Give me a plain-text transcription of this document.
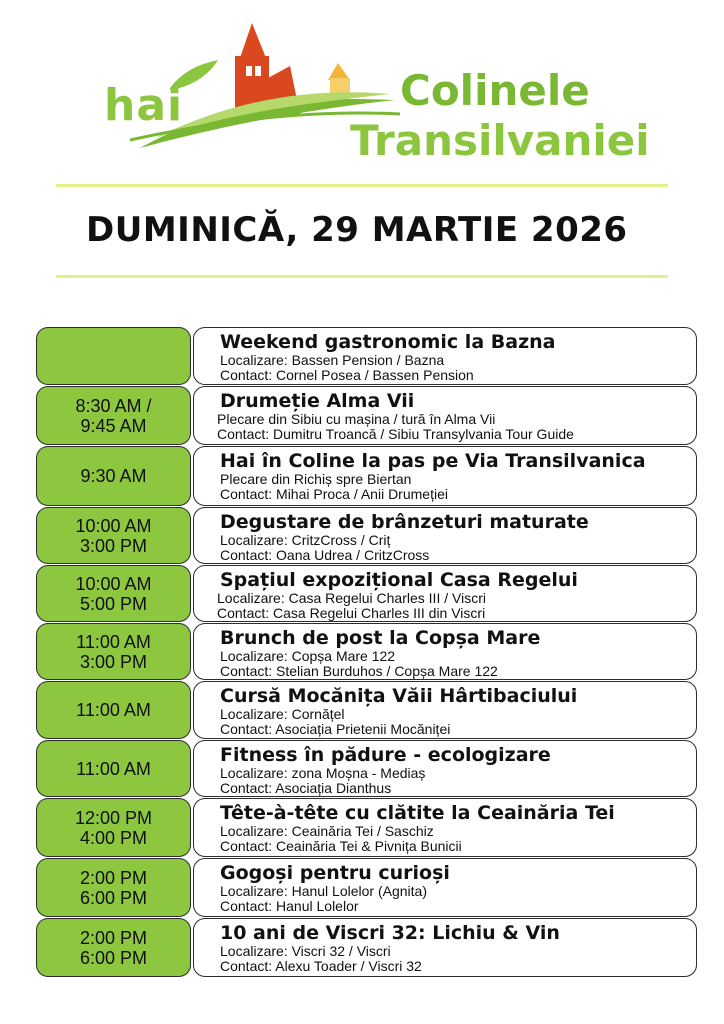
hai	Colinele
Transilvaniei
DUMINICĂ, 29 MARTIE 2026
Weekend gastronomic la Bazna
Localizare: Bassen Pension / Bazna
Contact: Cornel Posea / Bassen Pension
8:30 AM /
9:45 AM
Drumeție Alma Vii
Plecare din Sibiu cu mașina / tură în Alma Vii
Contact: Dumitru Troancă / Sibiu Transylvania Tour Guide
9:30 AM
Hai în Coline la pas pe Via Transilvanica
Plecare din Richiș spre Biertan
Contact: Mihai Proca / Anii Drumeției
10:00 AM
3:00 PM
Degustare de brânzeturi maturate
Localizare: CritzCross / Criț
Contact: Oana Udrea / CritzCross
10:00 AM
5:00 PM
Spațiul expozițional Casa Regelui
Localizare: Casa Regelui Charles III / Viscri
Contact: Casa Regelui Charles III din Viscri
11:00 AM
3:00 PM
Brunch de post la Copșa Mare
Localizare: Copșa Mare 122
Contact: Stelian Burduhos / Copșa Mare 122
11:00 AM
Cursă Mocănița Văii Hârtibaciului
Localizare: Cornățel
Contact: Asociația Prietenii Mocăniței
11:00 AM
Fitness în pădure - ecologizare
Localizare: zona Moșna - Mediaș
Contact: Asociația Dianthus
12:00 PM
4:00 PM
Tête-à-tête cu clătite la Ceainăria Tei
Localizare: Ceainăria Tei / Saschiz
Contact: Ceainăria Tei & Pivnița Bunicii
2:00 PM
6:00 PM
Gogoși pentru curioși
Localizare: Hanul Lolelor (Agnita)
Contact: Hanul Lolelor
2:00 PM
6:00 PM
10 ani de Viscri 32: Lichiu & Vin
Localizare: Viscri 32 / Viscri
Contact: Alexu Toader / Viscri 32
